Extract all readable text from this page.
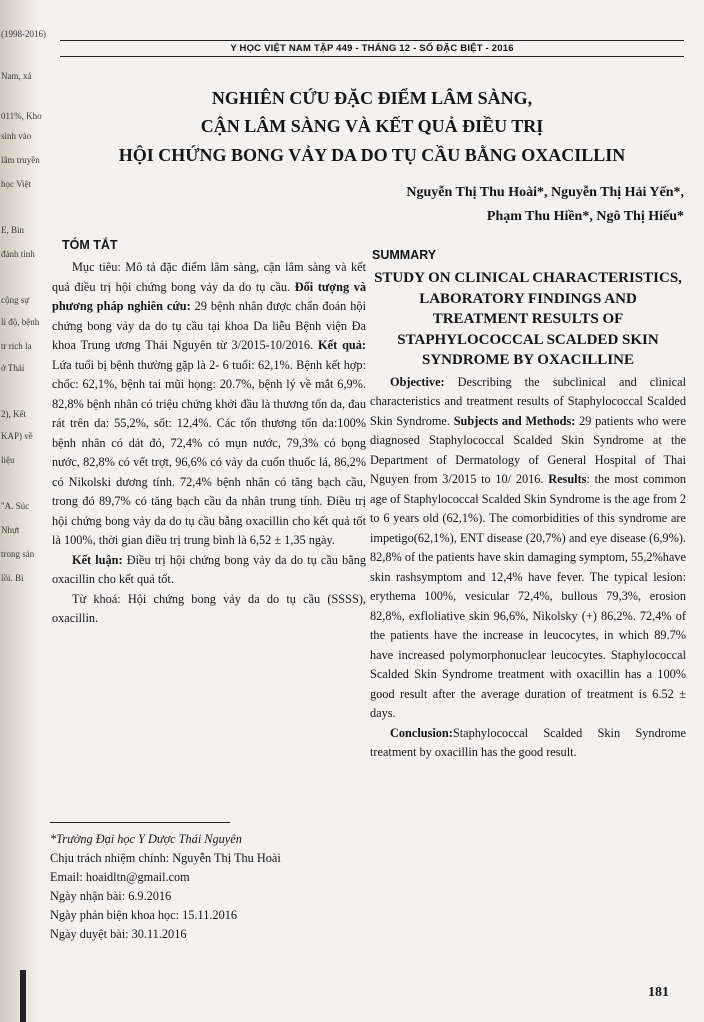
(1998-2016)
Nam, xá
011%, Kho
sinh vào
lâm truyền
học Việt
E, Bin
đánh tinh
cộng sự
lì độ, bệnh
tr rich la
ở Thái
2), Kết
KAP) về
liệu
"A. Súc
Nhựt
trong sản
lồi. Bì
Y HỌC VIỆT NAM TẬP 449 - THÁNG 12 - SỐ ĐẶC BIỆT - 2016
NGHIÊN CỨU ĐẶC ĐIỂM LÂM SÀNG,
CẬN LÂM SÀNG VÀ KẾT QUẢ ĐIỀU TRỊ
HỘI CHỨNG BONG VẢY DA DO TỤ CẦU BẰNG OXACILLIN
Nguyễn Thị Thu Hoài*, Nguyễn Thị Hải Yến*,
Phạm Thu Hiền*, Ngô Thị Hiếu*
TÓM TẮT

Mục tiêu: Mô tả đặc điểm lâm sàng, cận lâm sàng và kết quả điều trị hội chứng bong vảy da do tụ cầu. Đối tượng và phương pháp nghiên cứu: 29 bệnh nhân được chẩn đoán hội chứng bong vảy da do tụ cầu tại khoa Da liễu Bệnh viện Đa khoa Trung ương Thái Nguyên từ 3/2015-10/2016. Kết quả: Lứa tuổi bị bệnh thường gặp là 2- 6 tuổi: 62,1%. Bệnh kết hợp: chốc: 62,1%, bệnh tai mũi họng: 20.7%, bệnh lý về mắt 6,9%. 82,8% bệnh nhân có triệu chứng khởi đầu là thương tổn da, đau rát trên da: 55,2%, sốt: 12,4%. Các tổn thương tổn da:100% bệnh nhân có dát đỏ, 72,4% có mụn nước, 79,3% có bọng nước, 82,8% có vết trợt, 96,6% có vảy da cuốn thuốc lá, 86,2% có Nikolski dương tính. 72,4% bệnh nhân có tăng bạch cầu, trong đó 89,7% có tăng bạch cầu đa nhân trung tính. Điều trị hội chứng bong vảy da do tụ cầu bằng oxacillin cho kết quả tốt là 100%, thời gian điều trị trung bình là 6,52 ± 1,35 ngày.

Kết luận: Điều trị hội chứng bong vảy da do tụ cầu bằng oxacillin cho kết quả tốt.

Từ khoá: Hội chứng bong vảy da do tụ cầu (SSSS), oxacillin.

SUMMARY
STUDY ON CLINICAL CHARACTERISTICS, LABORATORY FINDINGS AND TREATMENT RESULTS OF STAPHYLOCOCCAL SCALDED SKIN SYNDROME BY OXACILLINE

Objective: Describing the subclinical and clinical characteristics and treatment results of Staphylococcal Scalded Skin Syndrome. Subjects and Methods: 29 patients who were diagnosed Staphylococcal Scalded Skin Syndrome at the Department of Dermatology of General Hospital of Thai Nguyen from 3/2015 to 10/ 2016. Results: the most common age of Staphylococcal Scalded Skin Syndrome is the age from 2 to 6 years old (62,1%). The comorbidities of this syndrome are impetigo(62,1%), ENT disease (20,7%) and eye disease (6,9%). 82,8% of the patients have skin damaging symptom, 55,2%have skin rashsymptom and 12,4% have fever. The typical lesion: erythema 100%, vesicular 72,4%, bullous 79,3%, erosion 82,8%, exfloliative skin 96,6%, Nikolsky (+) 86,2%. 72,4% of the patients have the increase in leucocytes, in which 89.7% have increased polymorphonuclear leucocytes. Staphylococcal Scalded Skin Syndrome treatment with oxacillin has a 100% good result after the average duration of treatment is 6.52 ± days.

Conclusion:Staphylococcal Scalded Skin Syndrome treatment by oxacillin has the good result.

*Trường Đại học Y Dược Thái Nguyên

Chịu trách nhiệm chính: Nguyễn Thị Thu Hoài

Email: hoaidltn@gmail.com

Ngày nhận bài: 6.9.2016

Ngày phản biện khoa học: 15.11.2016

Ngày duyệt bài: 30.11.2016

181
